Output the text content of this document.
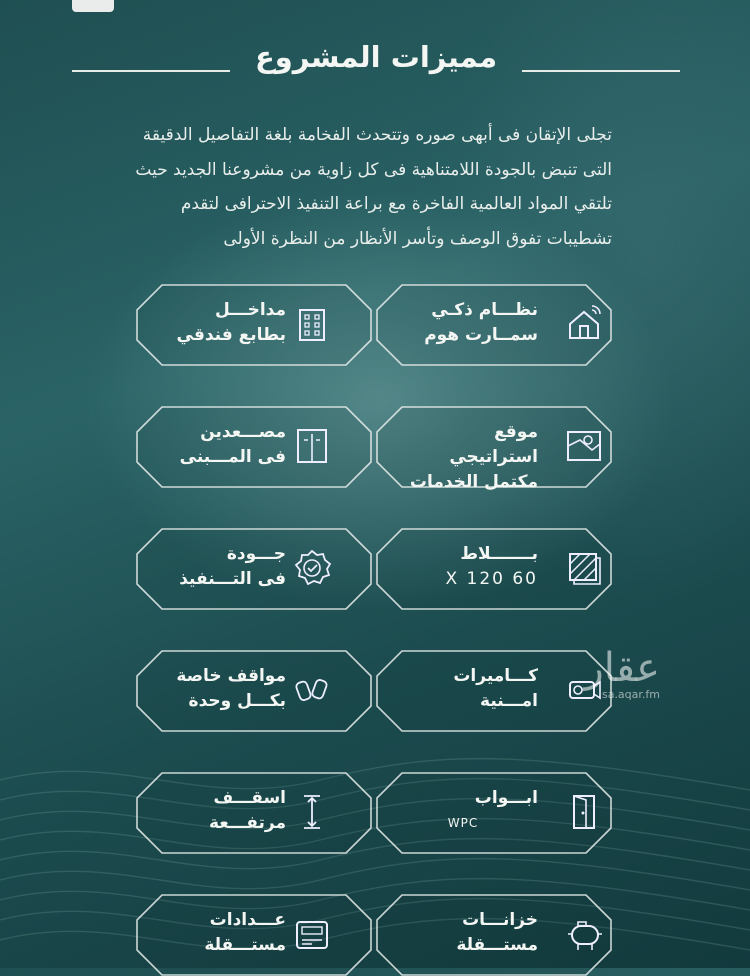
مميزات المشروع
تجلى الإتقان فى أبهى صوره وتتحدث الفخامة بلغة التفاصيل الدقيقة التى تنبض بالجودة اللامتناهية فى كل زاوية من مشروعنا الجديد حيث تلتقي المواد العالمية الفاخرة مع براعة التنفيذ الاحترافى لتقدم تشطيبات تفوق الوصف وتأسر الأنظار من النظرة الأولى
نظـــام ذكـي
سمــارت هوم
موقع استراتيجي
مكتمل الخدمات
بـــــــلاط
60 X 120
كـــاميرات
امـــنية
ابـــواب
WPC
خزانـــات
مستـــقلة
مداخـــل
بطابع فندقي
مصـــعدين
فى المـــبنى
جـــودة
فى التـــنفيذ
مواقف خاصة
بكـــل وحدة
اسقـــف
مرتفـــعة
عـــدادات
مستـــقلة
عقار
sa.aqar.fm
